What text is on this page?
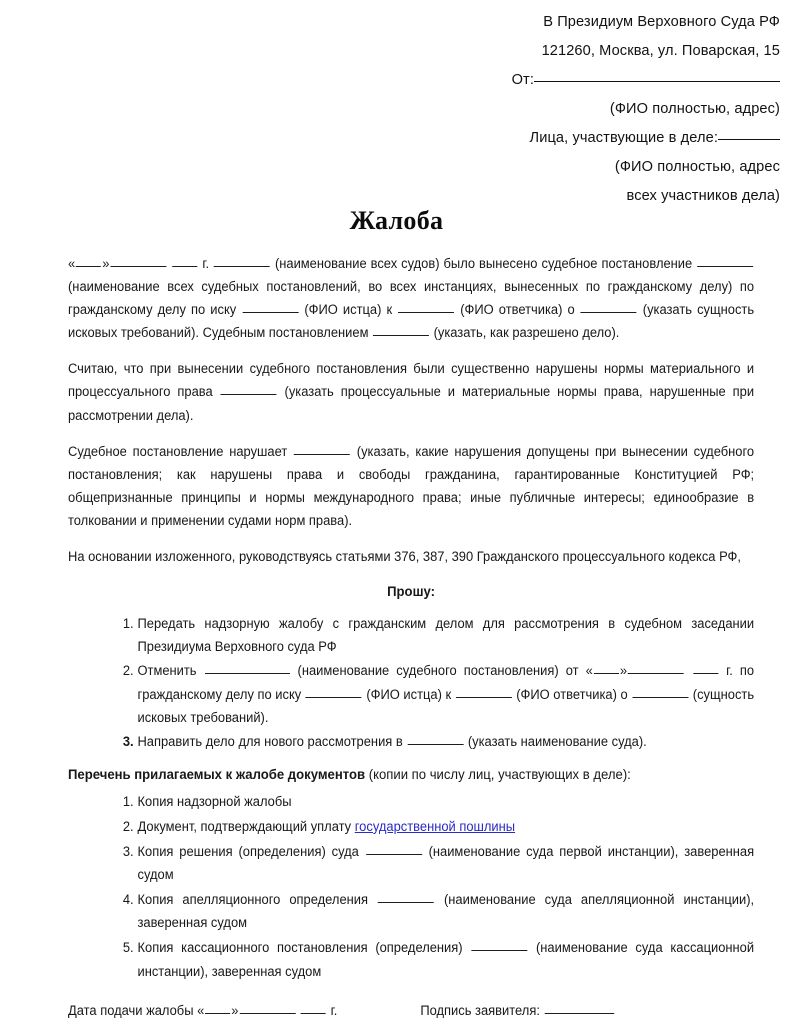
В Президиум Верховного Суда РФ
121260, Москва, ул. Поварская, 15
От:
(ФИО полностью, адрес)
Лица, участвующие в деле:
(ФИО полностью, адрес
всех участников дела)
Жалоба

« »	г.	(наименование всех судов) было вынесено судебное постановление  (наименование всех судебных постановлений, во всех инстанциях, вынесенных по гражданскому делу) по гражданскому делу по иску	(ФИО истца) к	(ФИО ответчика) о	(указать сущность исковых требований). Судебным постановлением	(указать, как разрешено дело).

Считаю, что при вынесении судебного постановления были существенно нарушены нормы материального и процессуального права	(указать процессуальные и материальные нормы права, нарушенные при рассмотрении дела).

Судебное постановление нарушает	(указать, какие нарушения допущены при вынесении судебного постановления; как нарушены права и свободы гражданина, гарантированные Конституцией РФ; общепризнанные принципы и нормы международного права; иные публичные интересы; единообразие в толковании и применении судами норм права).

На основании изложенного, руководствуясь статьями 376, 387, 390 Гражданского процессуального кодекса РФ,

Прошу:

Передать надзорную жалобу с гражданским делом для рассмотрения в судебном заседании Президиума Верховного суда РФ
Отменить	(наименование судебного постановления) от « »	г. по гражданскому делу по иску	(ФИО истца) к	(ФИО ответчика) о	(сущность исковых требований).
Направить дело для нового рассмотрения в	(указать наименование суда).

Перечень прилагаемых к жалобе документов (копии по числу лиц, участвующих в деле):

Копия надзорной жалобы
Документ, подтверждающий уплату государственной пошлины
Копия решения (определения) суда	(наименование суда первой инстанции), заверенная судом
Копия апелляционного определения	(наименование суда апелляционной инстанции), заверенная судом
Копия кассационного постановления (определения)	(наименование суда кассационной инстанции), заверенная судом

Дата подачи жалобы « »	г.	Подпись заявителя:
